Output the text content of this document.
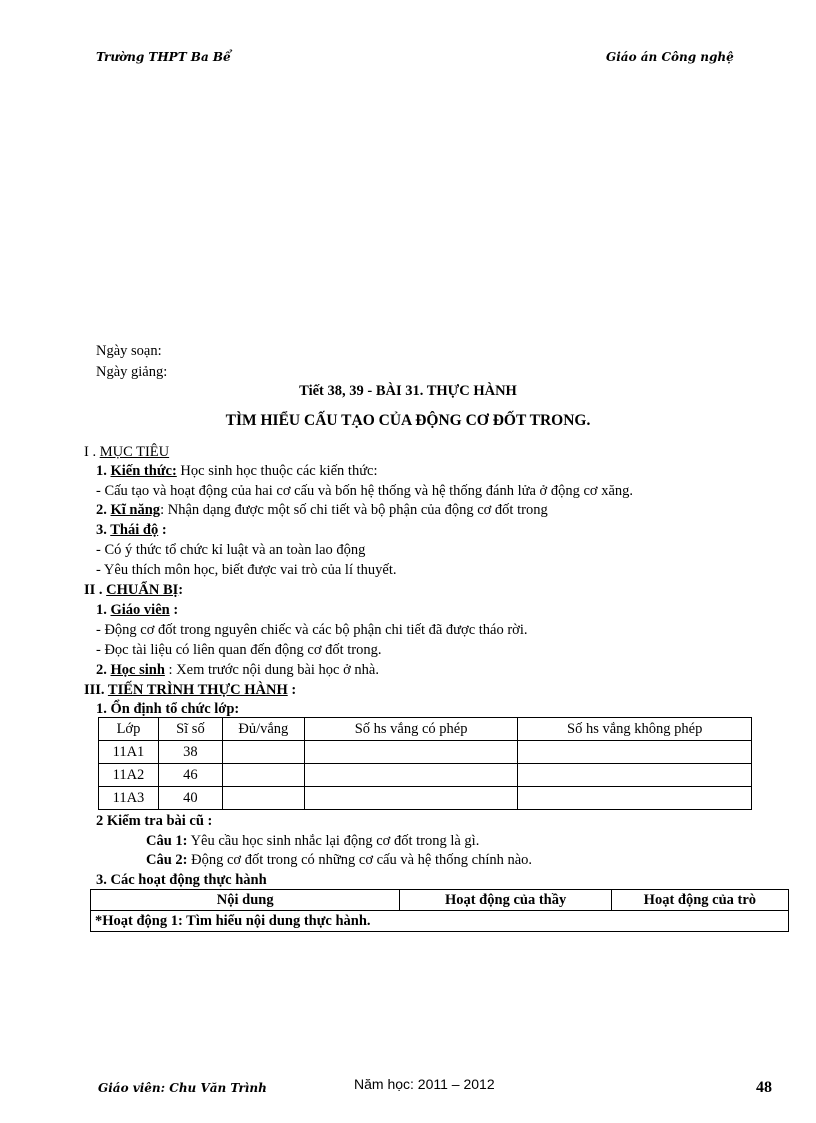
Trường THPT Ba Bể	Giáo án Công nghệ
Ngày soạn:
Ngày giảng:
Tiết 38, 39 - BÀI 31. THỰC HÀNH
TÌM HIỂU CẤU TẠO CỦA ĐỘNG CƠ ĐỐT TRONG.
I . MỤC TIÊU
1. Kiến thức: Học sinh học thuộc các kiến thức:
- Cấu tạo và hoạt động của hai cơ cấu và bốn hệ thống và hệ thống đánh lửa ở động cơ xăng.
2. Kĩ năng: Nhận dạng được một số chi tiết và bộ phận của động cơ đốt trong
3. Thái độ :
- Có ý thức tổ chức kỉ luật và an toàn lao động
- Yêu thích môn học, biết được vai trò của lí thuyết.
II . CHUẨN BỊ:
1. Giáo viên :
- Động cơ đốt trong nguyên chiếc và các bộ phận chi tiết đã được tháo rời.
- Đọc tài liệu có liên quan đến động cơ đốt trong.
2. Học sinh : Xem trước nội dung bài học ở nhà.
III. TIẾN TRÌNH THỰC HÀNH :
1. Ổn định tổ chức lớp:
Lớp	Sĩ số	Đủ/vắng	Số hs vắng có phép	Số hs vắng không phép
11A1	38			
11A2	46			
11A3	40			
2 Kiểm tra bài cũ :
Câu 1: Yêu cầu học sinh nhắc lại động cơ đốt trong là gì.
Câu 2: Động cơ đốt trong có những cơ cấu và hệ thống chính nào.
3. Các hoạt động thực hành
Nội dung	Hoạt động của thầy	Hoạt động của trò
*Hoạt động 1: Tìm hiểu nội dung thực hành.
Giáo viên: Chu Văn Trình	Năm học: 2011 – 2012	48
